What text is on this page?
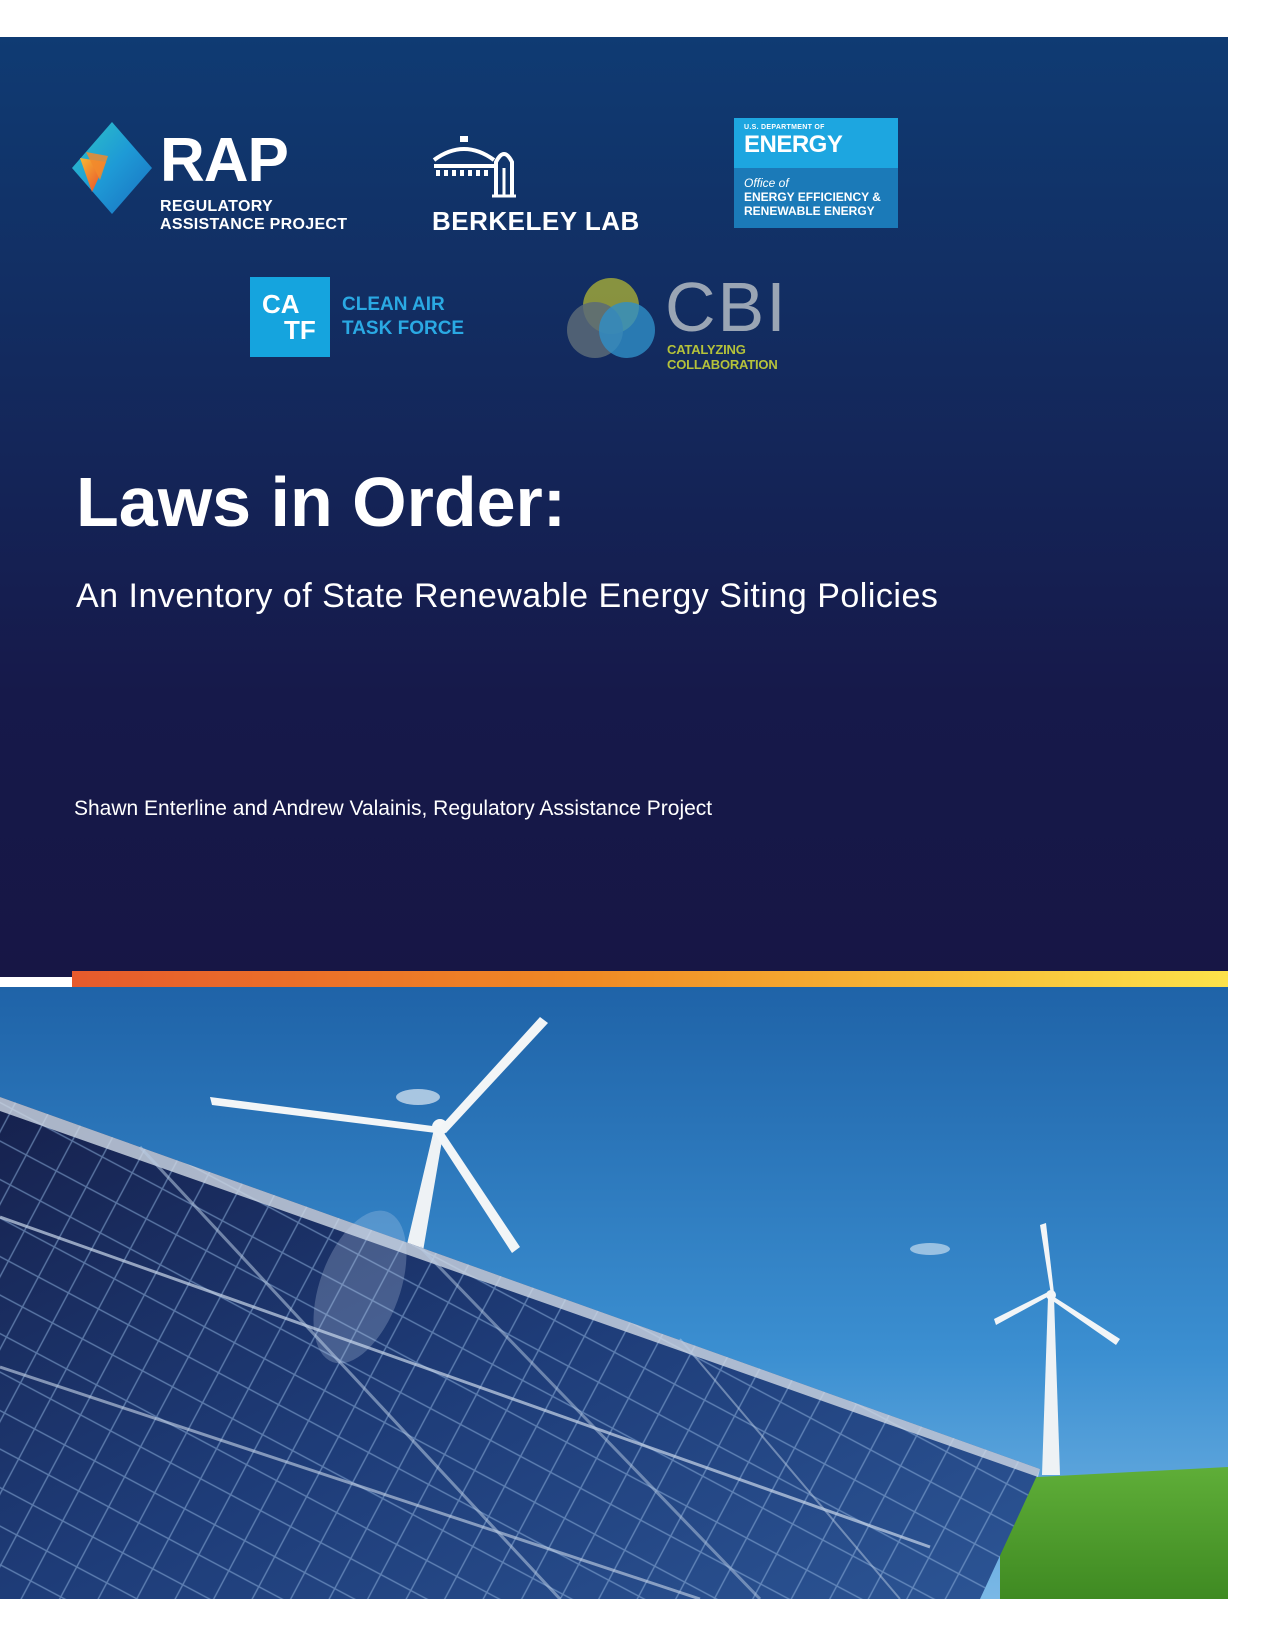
RAP
REGULATORY
ASSISTANCE PROJECT	BERKELEY LAB
U.S. DEPARTMENT OF
ENERGY
Office of
ENERGY EFFICIENCY &
RENEWABLE ENERGY
CA
TF
CLEAN AIR
TASK FORCE	CBI
CATALYZING COLLABORATION
Laws in Order:
An Inventory of State Renewable Energy Siting Policies
Shawn Enterline and Andrew Valainis, Regulatory Assistance Project
